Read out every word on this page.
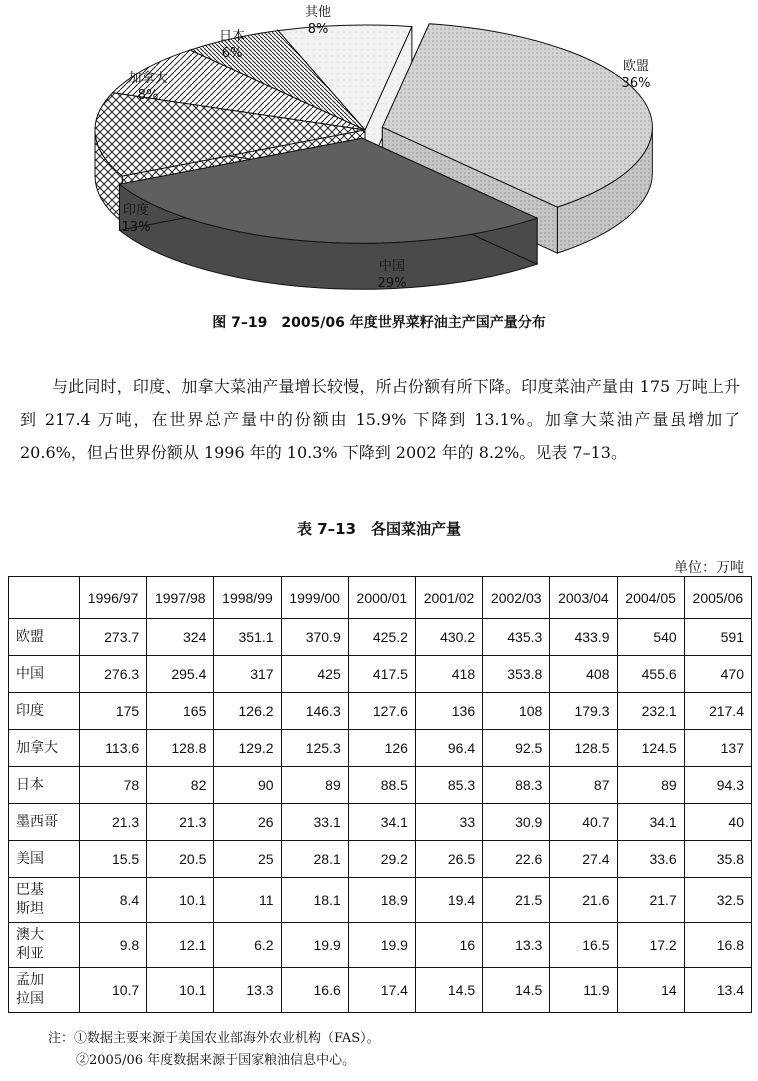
欧盟 36%
中国 29%
印度 13%
加拿大 8%
日本 6%
其他 8%
图 7–19　2005/06 年度世界菜籽油主产国产量分布

与此同时，印度、加拿大菜油产量增长较慢，所占份额有所下降。印度菜油产量由 175 万吨上升到 217.4 万吨，在世界总产量中的份额由 15.9% 下降到 13.1%。加拿大菜油产量虽增加了 20.6%，但占世界份额从 1996 年的 10.3% 下降到 2002 年的 8.2%。见表 7–13。

表 7–13　各国菜油产量
单位：万吨
	1996/97	1997/98	1998/99	1999/00	2000/01	2001/02	2002/03	2003/04	2004/05	2005/06
欧盟	273.7	324	351.1	370.9	425.2	430.2	435.3	433.9	540	591
中国	276.3	295.4	317	425	417.5	418	353.8	408	455.6	470
印度	175	165	126.2	146.3	127.6	136	108	179.3	232.1	217.4
加拿大	113.6	128.8	129.2	125.3	126	96.4	92.5	128.5	124.5	137
日本	78	82	90	89	88.5	85.3	88.3	87	89	94.3
墨西哥	21.3	21.3	26	33.1	34.1	33	30.9	40.7	34.1	40
美国	15.5	20.5	25	28.1	29.2	26.5	22.6	27.4	33.6	35.8

巴基
斯坦	8.4	10.1	11	18.1	18.9	19.4	21.5	21.6	21.7	32.5

澳大
利亚	9.8	12.1	6.2	19.9	19.9	16	13.3	16.5	17.2	16.8

孟加
拉国	10.7	10.1	13.3	16.6	17.4	14.5	14.5	11.9	14	13.4
注：①数据主要来源于美国农业部海外农业机构（FAS）。
②2005/06 年度数据来源于国家粮油信息中心。
